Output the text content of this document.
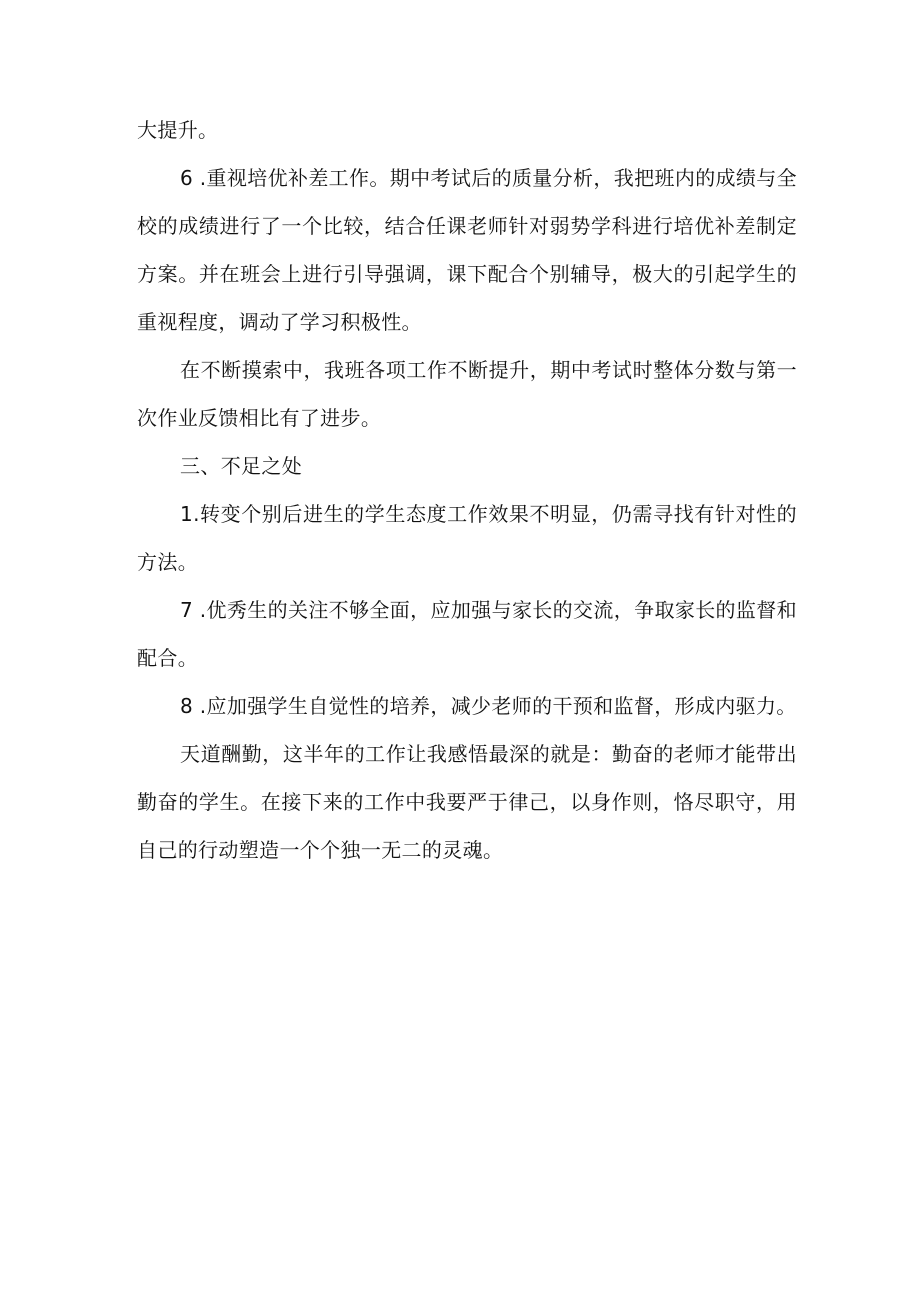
大提升。

6 .重视培优补差工作。期中考试后的质量分析，我把班内的成绩与全校的成绩进行了一个比较，结合任课老师针对弱势学科进行培优补差制定方案。并在班会上进行引导强调，课下配合个别辅导，极大的引起学生的重视程度，调动了学习积极性。

在不断摸索中，我班各项工作不断提升，期中考试时整体分数与第一次作业反馈相比有了进步。

三、不足之处

1.转变个别后进生的学生态度工作效果不明显，仍需寻找有针对性的方法。

7 .优秀生的关注不够全面，应加强与家长的交流，争取家长的监督和配合。

8 .应加强学生自觉性的培养，减少老师的干预和监督，形成内驱力。

天道酬勤，这半年的工作让我感悟最深的就是：勤奋的老师才能带出勤奋的学生。在接下来的工作中我要严于律己，以身作则，恪尽职守，用自己的行动塑造一个个独一无二的灵魂。
